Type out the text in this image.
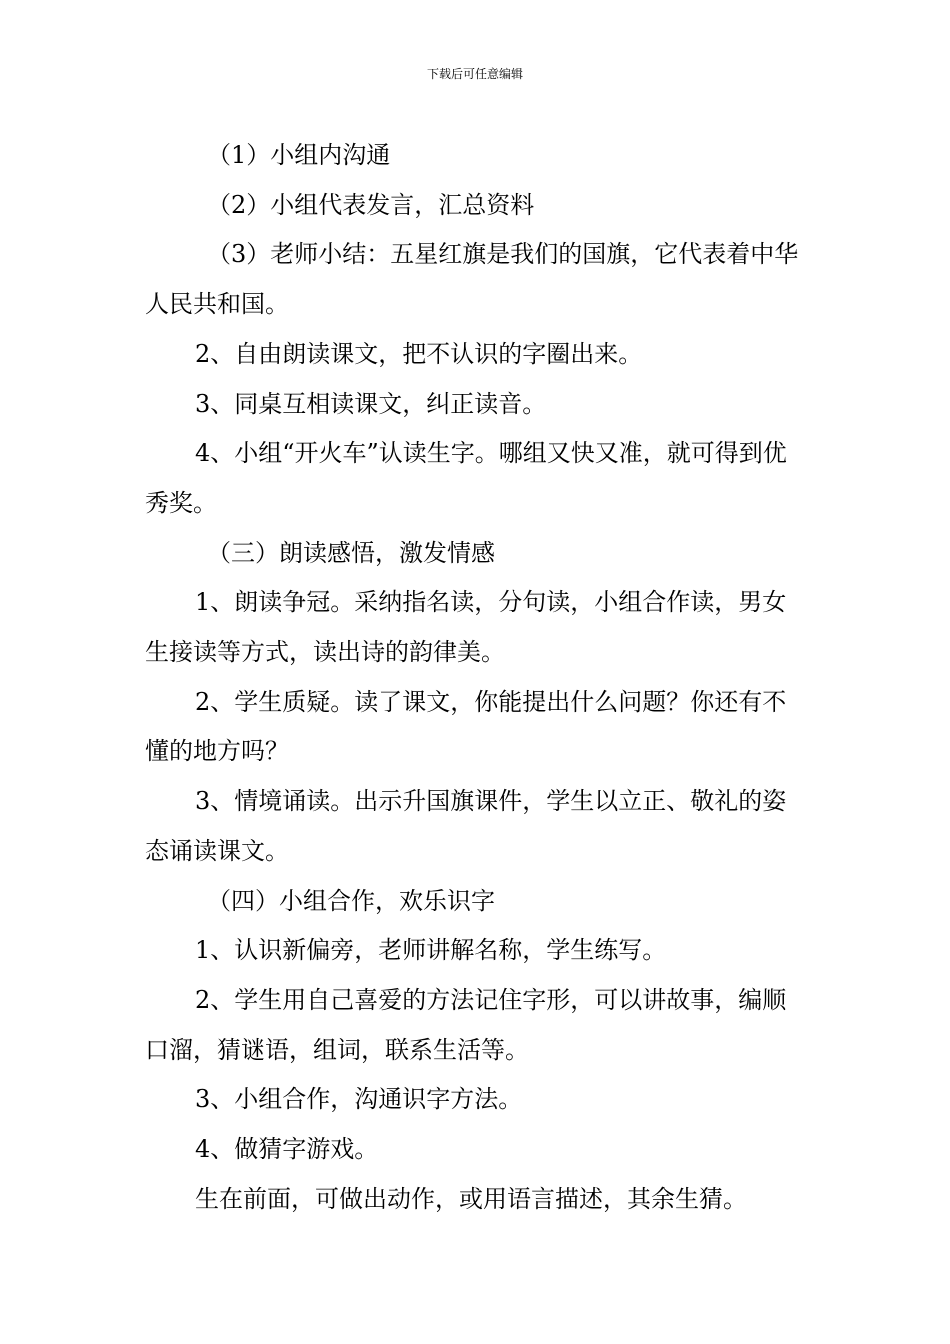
下载后可任意编辑

（1）小组内沟通

（2）小组代表发言，汇总资料

（3）老师小结：五星红旗是我们的国旗，它代表着中华人民共和国。

2、自由朗读课文，把不认识的字圈出来。

3、同桌互相读课文，纠正读音。

4、小组“开火车”认读生字。哪组又快又准，就可得到优秀奖。

（三）朗读感悟，激发情感

1、朗读争冠。采纳指名读，分句读，小组合作读，男女生接读等方式，读出诗的韵律美。

2、学生质疑。读了课文，你能提出什么问题？你还有不懂的地方吗？

3、情境诵读。出示升国旗课件，学生以立正、敬礼的姿态诵读课文。

（四）小组合作，欢乐识字

1、认识新偏旁，老师讲解名称，学生练写。

2、学生用自己喜爱的方法记住字形，可以讲故事，编顺口溜，猜谜语，组词，联系生活等。

3、小组合作，沟通识字方法。

4、做猜字游戏。

生在前面，可做出动作，或用语言描述，其余生猜。
